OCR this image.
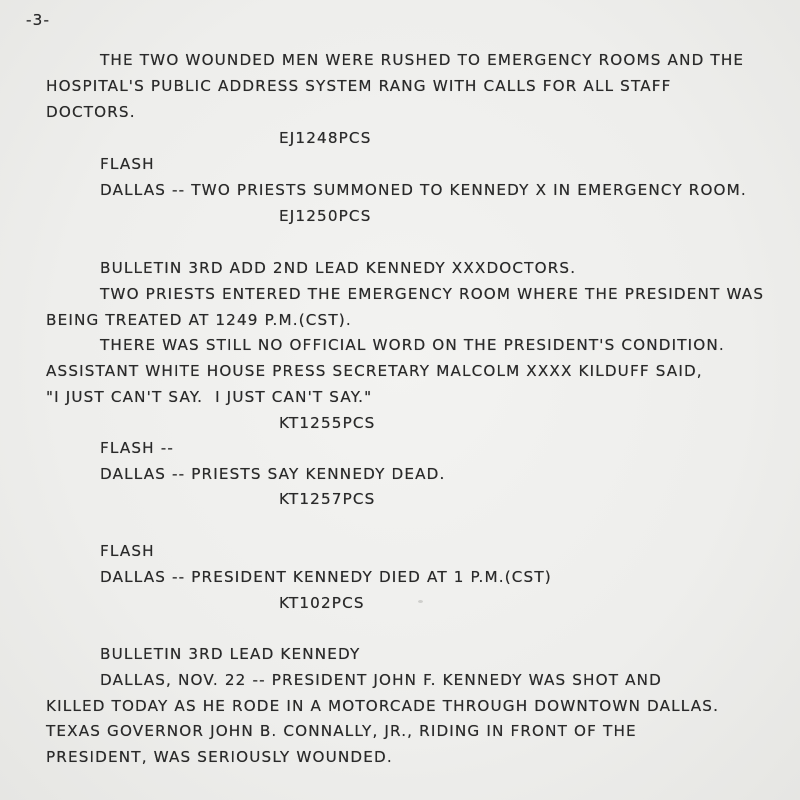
-3-
THE TWO WOUNDED MEN WERE RUSHED TO EMERGENCY ROOMS AND THE
HOSPITAL'S PUBLIC ADDRESS SYSTEM RANG WITH CALLS FOR ALL STAFF
DOCTORS.
EJ1248PCS
FLASH
DALLAS -- TWO PRIESTS SUMMONED TO KENNEDY X IN EMERGENCY ROOM.
EJ1250PCS
BULLETIN 3RD ADD 2ND LEAD KENNEDY XXXDOCTORS.
TWO PRIESTS ENTERED THE EMERGENCY ROOM WHERE THE PRESIDENT WAS
BEING TREATED AT 1249 P.M.(CST).
THERE WAS STILL NO OFFICIAL WORD ON THE PRESIDENT'S CONDITION.
ASSISTANT WHITE HOUSE PRESS SECRETARY MALCOLM XXXX KILDUFF SAID,
"I JUST CAN'T SAY.  I JUST CAN'T SAY."
KT1255PCS
FLASH --
DALLAS -- PRIESTS SAY KENNEDY DEAD.
KT1257PCS
FLASH
DALLAS -- PRESIDENT KENNEDY DIED AT 1 P.M.(CST)
KT102PCS
BULLETIN 3RD LEAD KENNEDY
DALLAS, NOV. 22 -- PRESIDENT JOHN F. KENNEDY WAS SHOT AND
KILLED TODAY AS HE RODE IN A MOTORCADE THROUGH DOWNTOWN DALLAS.
TEXAS GOVERNOR JOHN B. CONNALLY, JR., RIDING IN FRONT OF THE
PRESIDENT, WAS SERIOUSLY WOUNDED.
